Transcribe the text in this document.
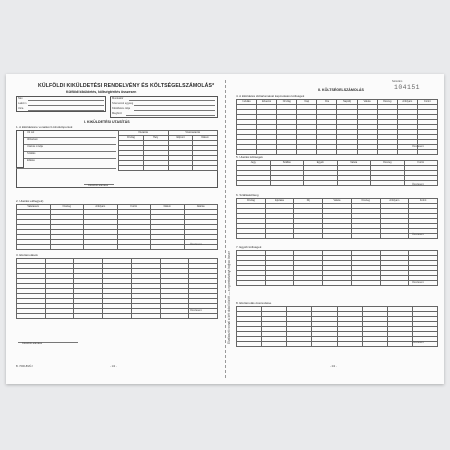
KÜLFÖLDI KIKÜLDETÉSI RENDELVÉNY ÉS KÖLTSÉGELSZÁMOLÁS*
Külföldi kiküldetés, költségtérítés összesen
Név
Lakcím
Utca
Munkakör
Szervezeti egység
Kiküldetés célja
Megbízó
I. KIKÜLDETÉSI UTASÍTÁS
1. A kiküldetésre vonatkozó kiindulópontok
Úti cél
Időtartam
Utazás módja
Szállás
Ellátás
Kiutazás		Visszautazás	
Ország	Hely	Időpont	Dátum

Kiküldött aláírása
2. Utazási előleg(ek)
Valutanem	Összeg	Árfolyam	Forint	Dátum	Aláírás

Összesen:
3. Elszámolások

Összesen:
Kiküldött aláírása
B. 7090-89/ÚJ	- 1/2 -
Elválasztó vonal a két oldal között — a nyomtatványt hajtsa össze
Sorszám
104151
II. KÖLTSÉGELSZÁMOLÁS
4. A kiküldetés időtartamával kapcsolatos költségek
Indulás	Érkezés	Ország	Nap	Óra	Napidíj	Valuta	Összeg	Árfolyam	Forint

Összesen:
5. Utazási költségek
Jegy	Szállás	Egyéb	Valuta	Összeg	Forint

Összesen:
6. Szállásköltség
Ország	Éjszaka	Díj	Valuta	Összeg	Árfolyam	Forint

Összesen:
7. Egyéb költségek

Összesen:
8. Elszámolás összesítése

Összesen:
- 2/2 -
